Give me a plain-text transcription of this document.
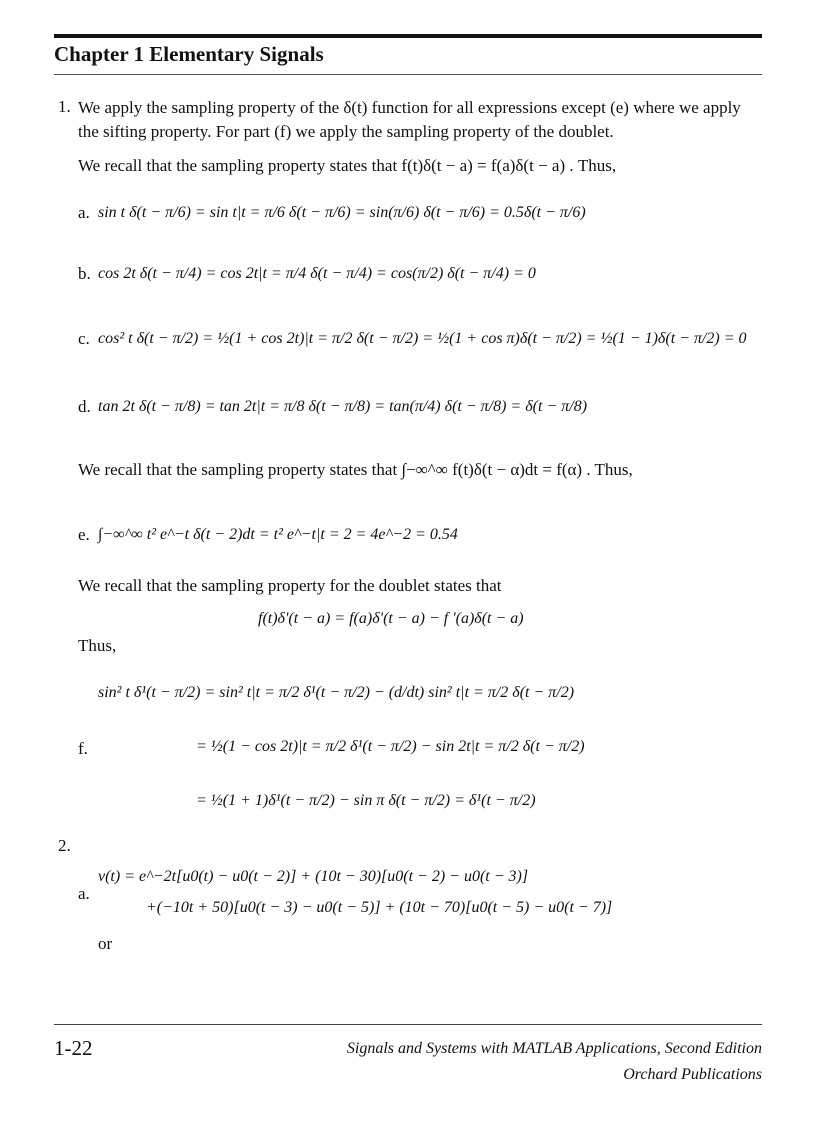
Chapter 1 Elementary Signals
1. We apply the sampling property of the δ(t) function for all expressions except (e) where we apply the sifting property. For part (f) we apply the sampling property of the doublet.
We recall that the sampling property states that f(t)δ(t − a) = f(a)δ(t − a) . Thus,
a. sin t δ(t − π/6) = sin t|t = π/6 δ(t − π/6) = sin(π/6) δ(t − π/6) = 0.5δ(t − π/6)
b. cos 2t δ(t − π/4) = cos 2t|t = π/4 δ(t − π/4) = cos(π/2) δ(t − π/4) = 0
c. cos² t δ(t − π/2) = ½(1 + cos 2t)|t = π/2 δ(t − π/2) = ½(1 + cos π)δ(t − π/2) = ½(1 − 1)δ(t − π/2) = 0
d. tan 2t δ(t − π/8) = tan 2t|t = π/8 δ(t − π/8) = tan(π/4) δ(t − π/8) = δ(t − π/8)
We recall that the sampling property states that ∫−∞^∞ f(t)δ(t − α)dt = f(α) . Thus,
e. ∫−∞^∞ t² e^−t δ(t − 2)dt = t² e^−t|t = 2 = 4e^−2 = 0.54
We recall that the sampling property for the doublet states that
f(t)δ'(t − a) = f(a)δ'(t − a) − f '(a)δ(t − a)
Thus,
sin² t δ¹(t − π/2) = sin² t|t = π/2 δ¹(t − π/2) − (d/dt) sin² t|t = π/2 δ(t − π/2)
f.	= ½(1 − cos 2t)|t = π/2 δ¹(t − π/2) − sin 2t|t = π/2 δ(t − π/2)
= ½(1 + 1)δ¹(t − π/2) − sin π δ(t − π/2) = δ¹(t − π/2)
2.
a.
v(t) = e^−2t[u0(t) − u0(t − 2)] + (10t − 30)[u0(t − 2) − u0(t − 3)]
+(−10t + 50)[u0(t − 3) − u0(t − 5)] + (10t − 70)[u0(t − 5) − u0(t − 7)]
or
1-22	Signals and Systems with MATLAB Applications, Second Edition
Orchard Publications
